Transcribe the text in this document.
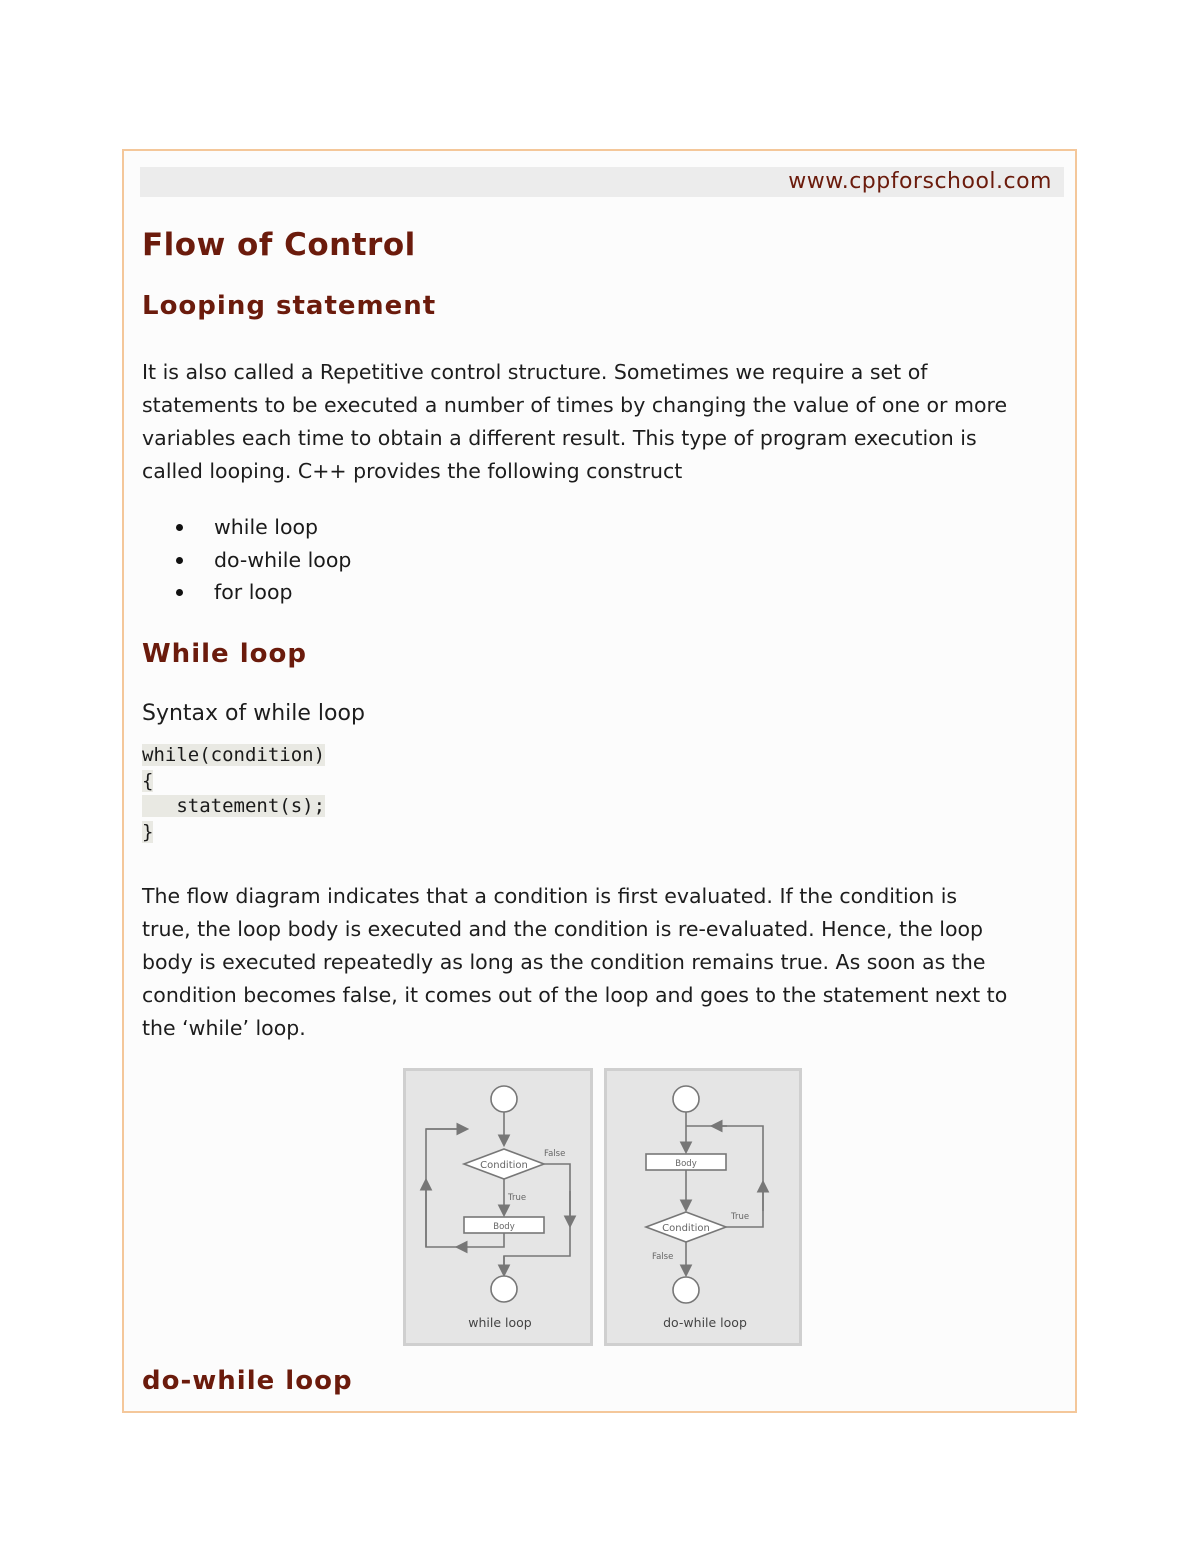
www.cppforschool.com
Flow of Control
Looping statement
It is also called a Repetitive control structure. Sometimes we require a set of
statements to be executed a number of times by changing the value of one or more
variables each time to obtain a different result. This type of program execution is
called looping. C++ provides the following construct
while loop
do-while loop
for loop
While loop
Syntax of while loop
while(condition)
{
statement(s);
}
The flow diagram indicates that a condition is first evaluated. If the condition is
true, the loop body is executed and the condition is re-evaluated. Hence, the loop
body is executed repeatedly as long as the condition remains true. As soon as the
condition becomes false, it comes out of the loop and goes to the statement next to
the ‘while’ loop.
Condition
False
True
Body
while loop
Body
Condition
True
False
do-while loop
do-while loop
